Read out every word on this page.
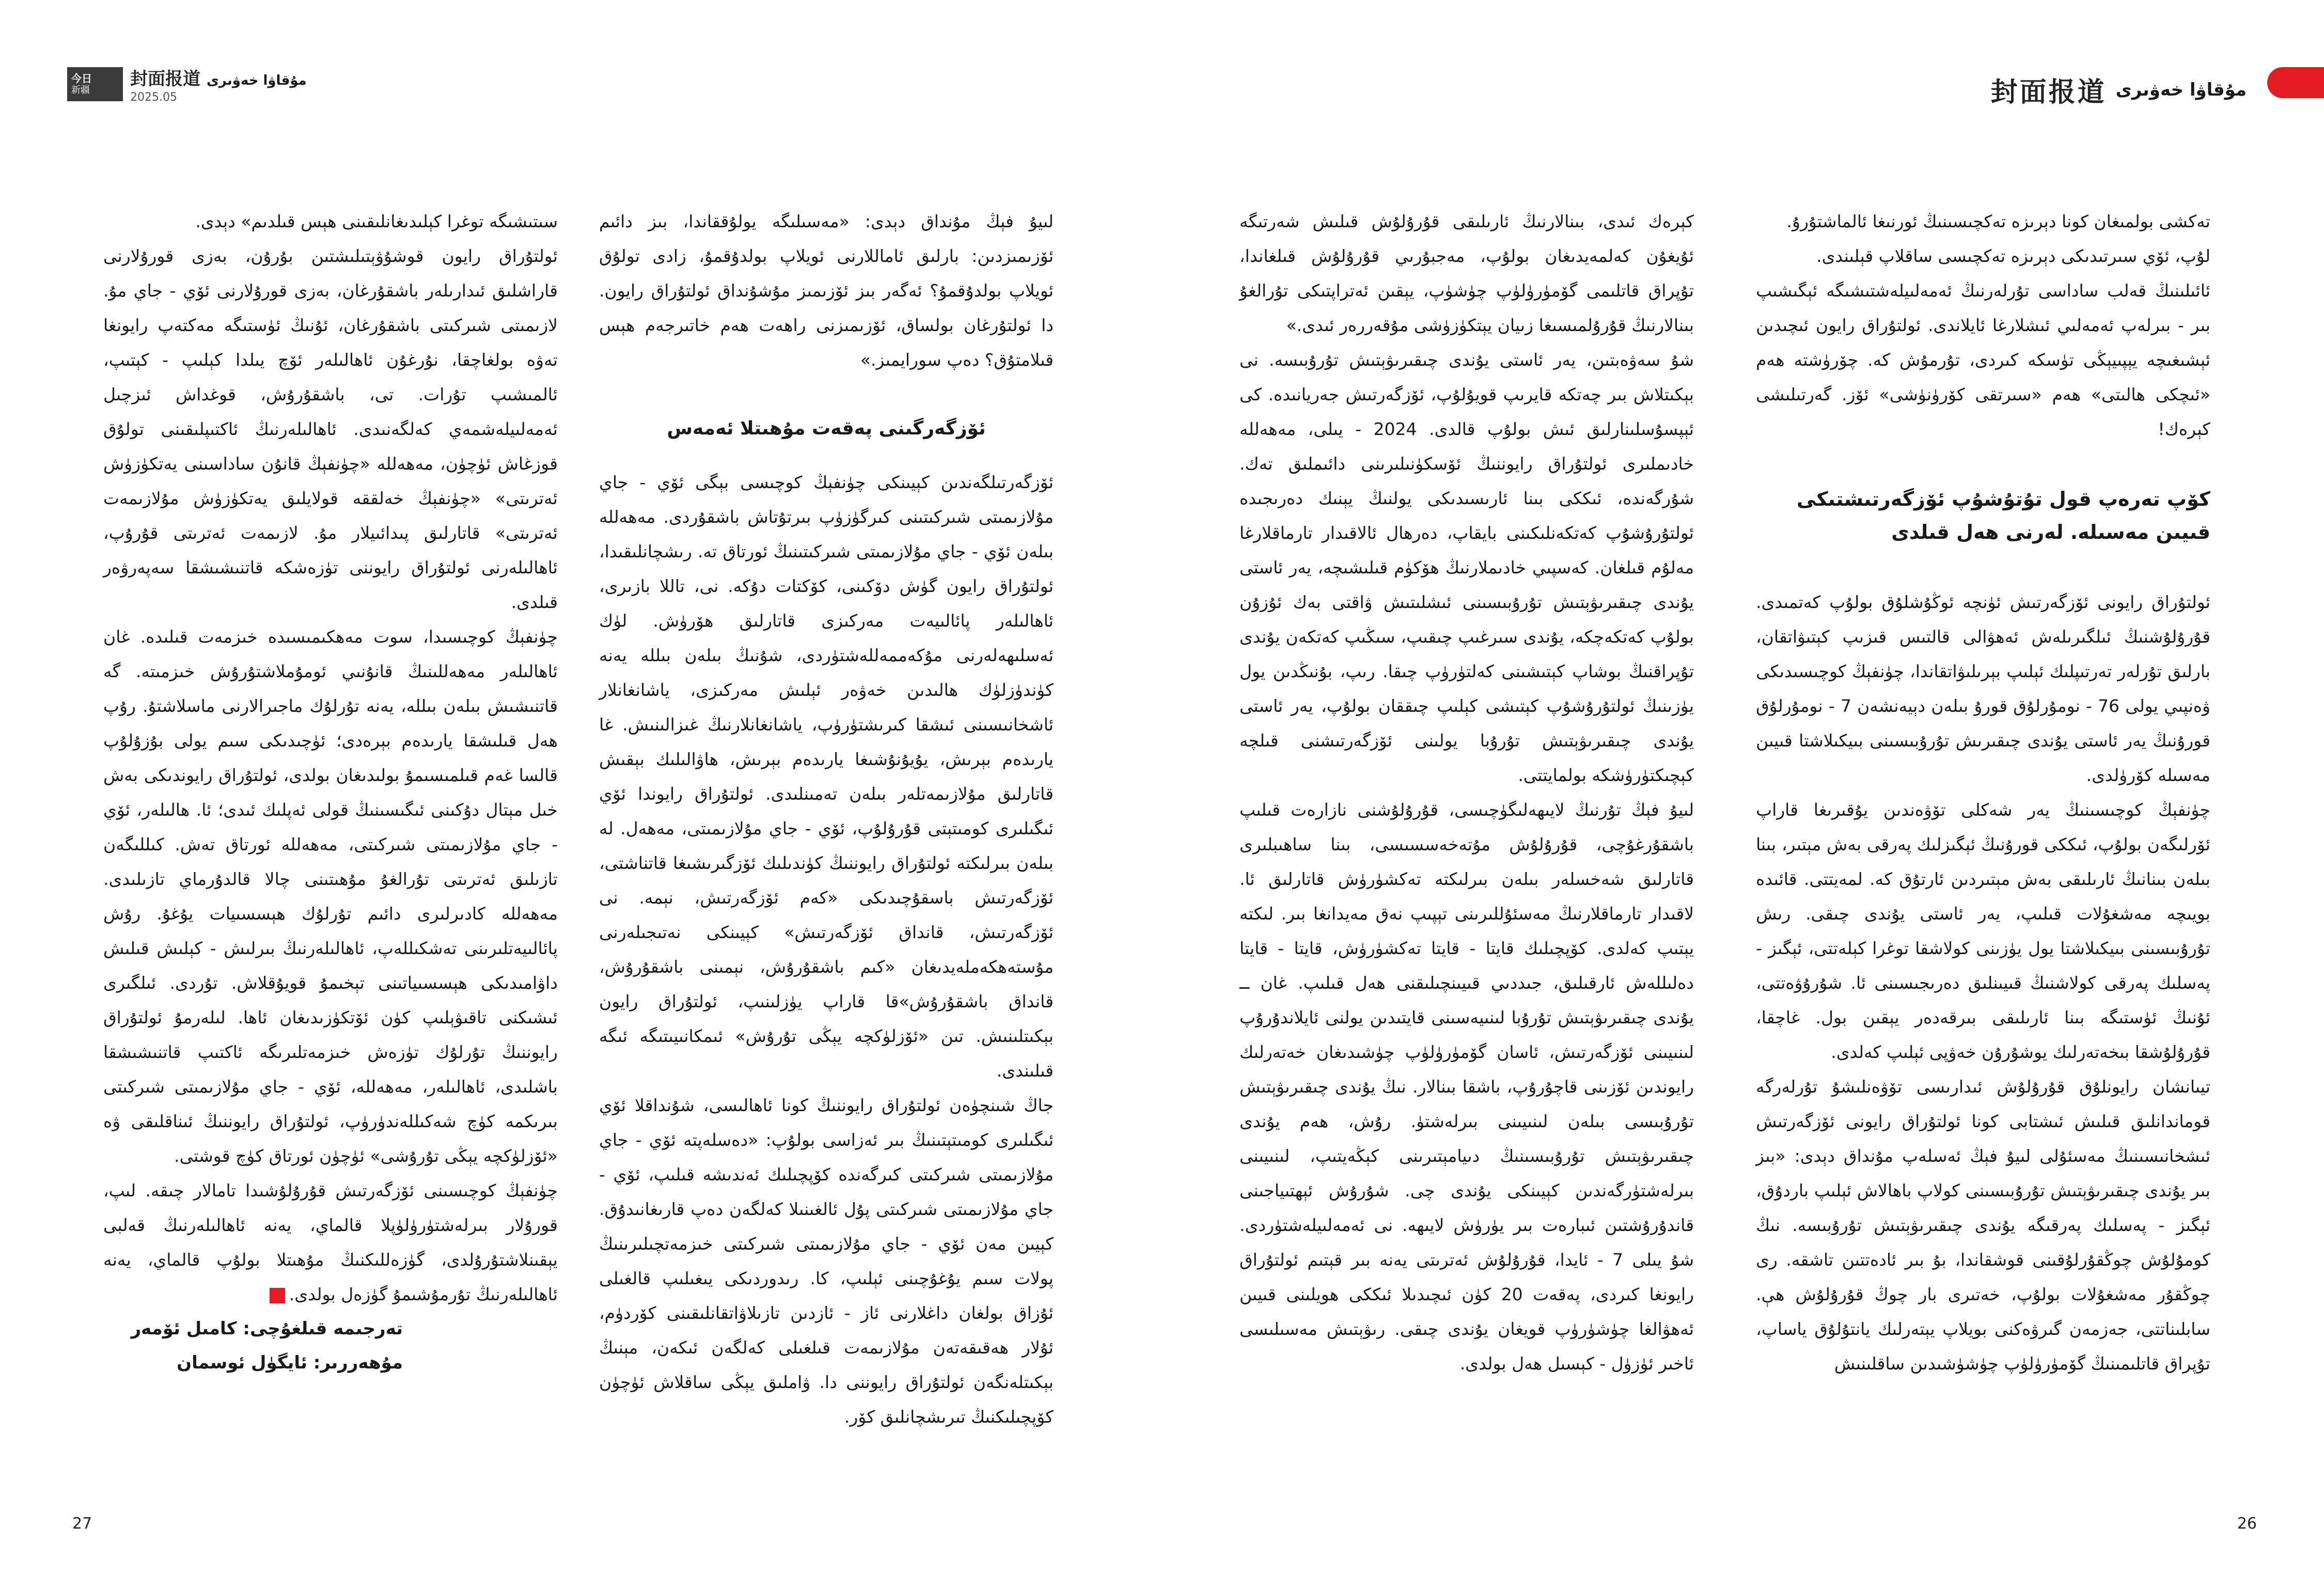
今日
新疆
封面报道 مۇقاۋا خەۋىرى
2025.05

لىيۇ فېڭ مۇنداق دېدى: «مەسىلىگە يولۇققاندا، بىز دائىم ئۆزىمىزدىن: بارلىق ئاماللارنى ئويلاپ بولدۇقمۇ، زادى تولۇق ئويلاپ بولدۇقمۇ؟ ئەگەر بىز ئۆزىمىز مۇشۇنداق ئولتۇراق رايون. دا ئولتۇرغان بولساق، ئۆزىمىزنى راھەت ھەم خاتىرجەم ھېس قىلامتۇق؟ دەپ سورايمىز.»

ئۆزگەرگىنى پەقەت مۇھىتلا ئەمەس

ئۆزگەرتىلگەندىن كېيىنكى چۈنفېڭ كوچىسى بېگى ئۆي - جاي مۇلازىمىتى شىركىتىنى كىرگۈزۈپ بىرتۇتاش باشقۇردى. مەھەللە بىلەن ئۆي - جاي مۇلازىمىتى شىركىتىنىڭ ئورتاق تە. رىشچانلىقىدا، ئولتۇراق رايون گۈش دۆكىنى، كۆكتات دۇكە. نى، تاللا بازىرى، ئاھالىلەر پائالىيەت مەركىزى قاتارلىق ھۆرۈش. لۈك ئەسلىھەلەرنى مۇكەممەللەشتۈردى، شۇنىڭ بىلەن بىللە يەنە كۈندۈزلۈك ھالىدىن خەۋەر ئېلىش مەركىزى، ياشانغانلار ئاشخانىسىنى ئىشقا كىرىشتۈرۈپ، ياشانغانلارنىڭ غىزالىنىش. غا يارىدەم بېرىش، يۇيۇنۇشىغا يارىدەم بېرىش، ھاۋالىلىك بېقىش قاتارلىق مۇلازىمەتلەر بىلەن تەمىنلىدى. ئولتۇراق رايوندا ئۆي ئىگىلىرى كومىتېتى قۇرۇلۇپ، ئۆي - جاي مۇلازىمىتى، مەھەل. لە بىلەن بىرلىكتە ئولتۇراق رايوننىڭ كۈندىلىك ئۆزگىرىشىغا قاتناشتى، ئۆزگەرتىش باسقۇچىدىكى «كەم ئۆزگەرتىش، نېمە. نى ئۆزگەرتىش، قانداق ئۆزگەرتىش» كېيىنكى نەتىجىلەرنى مۇستەھكەملەيدىغان «كىم باشقۇرۇش، نېمىنى باشقۇرۇش، قانداق باشقۇرۇش»قا قاراپ يۈزلىنىپ، ئولتۇراق رايون بېكىتلىنىش. تىن «ئۆزلۈكچە يېڭى تۇرۇش» ئىمكانىيىتىگە ئىگە قىلىندى.

جاڭ شىنچۈەن ئولتۇراق رايوننىڭ كونا ئاھالىسى، شۇنداقلا ئۆي ئىگىلىرى كومىتېتىنىڭ بىر ئەزاسى بولۇپ: «دەسلەپتە ئۆي - جاي مۇلازىمىتى شىركىتى كىرگەندە كۆپچىلىك ئەندىشە قىلىپ، ئۆي - جاي مۇلازىمىتى شىركىتى پۇل ئالغىنىلا كەلگەن دەپ قارىغانىدۇق. كېيىن مەن ئۆي - جاي مۇلازىمىتى شىركىتى خىزمەتچىلىرىنىڭ پولات سىم يۇغۇچىنى ئېلىپ، كا. رىدوردىكى يىغىلىپ قالغىلى ئۇزاق بولغان داغلارنى ئاز - ئازدىن تازىلاۋاتقانلىقىنى كۆردۈم، ئۇلار ھەقىقەتەن مۇلازىمەت قىلغىلى كەلگەن ئىكەن، مېنىڭ بېكىتلەنگەن ئولتۇراق رايوننى دا. ۋاملىق يېڭى ساقلاش ئۈچۈن كۆپچىلىكنىڭ تىرىشچانلىق كۆر.

سىتىشىگە توغرا كېلىدىغانلىقىنى ھېس قىلدىم» دېدى.

ئولتۇراق رايون قوشۇۋېتىلىشتىن بۇرۇن، بەزى قورۇلارنى قاراشلىق ئىدارىلەر باشقۇرغان، بەزى قورۇلارنى ئۆي - جاي مۇ. لازىمىتى شىركىتى باشقۇرغان، ئۇنىڭ ئۈستىگە مەكتەپ رايونغا تەۋە بولغاچقا، نۇرغۇن ئاھالىلەر ئۆچ يىلدا كېلىپ - كېتىپ، ئالمىشىپ تۇرات. تى، باشقۇرۇش، قوغداش ئىزچىل ئەمەلىيلەشمەي كەلگەنىدى. ئاھالىلەرنىڭ ئاكتىپلىقىنى تولۇق قوزغاش ئۈچۈن، مەھەللە «چۈنفېڭ قانۇن ساداسىنى يەتكۈزۈش ئەترىتى» «چۈنفېڭ خەلققە قولايلىق يەتكۈزۈش مۇلازىمەت ئەترىتى» قاتارلىق پىدائىيلار مۇ. لازىمەت ئەترىتى قۇرۇپ، ئاھالىلەرنى ئولتۇراق رايوننى تۈزەشكە قاتنىشىشقا سەپەرۋەر قىلدى.

چۈنفېڭ كوچىسىدا، سوت مەھكىمىسىدە خىزمەت قىلىدە. غان ئاھالىلەر مەھەللىنىڭ قانۇنىي ئومۇملاشتۇرۇش خىزمىتە. گە قاتنىشىش بىلەن بىللە، يەنە تۇرلۇك ماجىرالارنى ماسلاشتۇ. رۇپ ھەل قىلىشقا يارىدەم بېرەدى؛ ئۈچىدىكى سىم يولى بۇزۇلۇپ قالسا غەم قىلمىسىمۇ بولىدىغان بولدى، ئولتۇراق رايوندىكى بەش خىل مېتال دۇكىنى ئىگىسىنىڭ قولى ئەپلىك ئىدى؛ ئا. ھالىلەر، ئۆي - جاي مۇلازىمىتى شىركىتى، مەھەللە ئورتاق تەش. كىللىگەن تازىلىق ئەترىتى تۇرالغۇ مۇھىتىنى چالا قالدۇرماي تازىلىدى. مەھەللە كادىرلىرى دائىم تۇرلۇك ھېسسىيات يۇغۇ. رۇش پائالىيەتلىرىنى تەشكىللەپ، ئاھالىلەرنىڭ بىرلىش - كېلىش قىلىش داۋامىدىكى ھېسسىياتىنى تېخىمۇ قويۇقلاش. تۇردى. ئىلگىرى ئىشىكنى تاقىۋېلىپ كۈن ئۆتكۈزىدىغان ئاھا. لىلەرمۇ ئولتۇراق رايوننىڭ تۇرلۇك تۈزەش خىزمەتلىرىگە ئاكتىپ قاتنىشىشقا باشلىدى، ئاھالىلەر، مەھەللە، ئۆي - جاي مۇلازىمىتى شىركىتى بىرىكمە كۈچ شەكىللەندۈرۈپ، ئولتۇراق رايوننىڭ ئىناقلىقى ۋە «ئۆزلۈكچە يېڭى تۇرۇشى» ئۈچۈن ئورتاق كۈچ قوشتى.

چۈنفېڭ كوچىسىنى ئۆزگەرتىش قۇرۇلۇشىدا تامالار چىقە. لىپ، قورۇلار بىرلەشتۈرۈلۈپلا قالماي، يەنە ئاھالىلەرنىڭ قەلبى يېقىنلاشتۇرۇلدى، گۈزەللىكنىڭ مۇھىتلا بولۇپ قالماي، يەنە ئاھالىلەرنىڭ تۇرمۇشىمۇ گۈزەل بولدى.

تەرجىمە قىلغۇچى: كامىل ئۆمەر
مۇھەررىر: ئايگۈل ئوسمان
27
封面报道 مۇقاۋا خەۋىرى

تەكشى بولمىغان كونا دېرىزە تەكچىسىنىڭ ئورنىغا ئالماشتۇرۇ.

لۇپ، ئۆي سىرتىدىكى دېرىزە تەكچىسى ساقلاپ قېلىندى.

ئائىلىنىڭ قەلب ساداسى تۇرلەرنىڭ ئەمەلىيلەشتىشىگە ئېگىشىپ بىر - بىرلەپ ئەمەلىي ئىشلارغا ئايلاندى. ئولتۇراق رايون ئىچىدىن ئېشىغىچە يېپىيېڭى تۈسكە كىردى، تۇرمۇش كە. چۆرۈشتە ھەم «ئىچكى ھالىتى» ھەم «سىرتقى كۆرۈنۈشى» ئۆز. گەرتىلىشى كېرەك!

كۆپ تەرەپ قول تۇتۇشۇپ ئۆزگەرتىشتىكى قىيىن مەسىلە. لەرنى ھەل قىلدى

ئولتۇراق رايونى ئۆزگەرتىش ئۈنچە ئوڭۇشلۇق بولۇپ كەتمىدى. قۇرۇلۇشنىڭ ئىلگىرىلەش ئەھۋالى قالتىس قىزىپ كېتىۋاتقان، بارلىق تۇرلەر تەرتىپلىك ئېلىپ بېرىلىۋاتقاندا، چۈنفېڭ كوچىسىدىكى ۋەنپىي يولى 76 - نومۇرلۇق قورۇ بىلەن دېيەنشەن 7 - نومۇرلۇق قورۇنىڭ يەر ئاستى يۇندى چىقىرىش تۇرۇبىسىنى بىيكىلاشتا قىيىن مەسىلە كۆرۈلدى.

چۈنفېڭ كوچىسىنىڭ يەر شەكلى تۆۋەندىن يۇقىرىغا قاراپ ئۆرلىگەن بولۇپ، ئىككى قورۇنىڭ ئېگىزلىك پەرقى بەش مېتىر، بىنا بىلەن بىنانىڭ ئارىلىقى بەش مېتىردىن ئارتۇق كە. لمەيتتى. قائىدە بويىچە مەشغۇلات قىلىپ، يەر ئاستى يۇندى چىقى. رىش تۇرۇبىسىنى بىيكىلاشتا يول يۈزىنى كولاشقا توغرا كېلەتتى، ئېگىز - پەسلىك پەرقى كولاشنىڭ قىيىنلىق دەرىجىسىنى ئا. شۇرۇۋەتتى، ئۇنىڭ ئۈستىگە بىنا ئارىلىقى بىرقەدەر يېقىن بول. غاچقا، قۇرۇلۇشقا بىخەتەرلىك يوشۇرۇن خەۋپى ئېلىپ كەلدى.

تيىانشان رايونلۇق قۇرۇلۇش ئىدارىسى تۆۋەنلىشۇ تۇرلەرگە قوماندانلىق قىلىش ئىشتابى كونا ئولتۇراق رايونى ئۆزگەرتىش ئىشخانىسىنىڭ مەسئۇلى لىيۇ فېڭ ئەسلەپ مۇنداق دېدى: «بىز بىر يۇندى چىقىرىۋېتىش تۇرۇبىسىنى كولاپ باھالاش ئېلىپ باردۇق، ئېگىز - پەسلىك پەرقىگە يۇندى چىقىرىۋېتىش تۇرۇبىسە. نىڭ كومۇلۇش چوڭقۇرلۇقىنى قوشقاندا، بۇ بىر ئادەتتىن تاشقە. رى چوڭقۇر مەشغۇلات بولۇپ، خەتىرى بار چوڭ قۇرۇلۇش ھې. سابلىناتتى، جەزمەن گىرۋەكنى بويلاپ يېتەرلىك يانتۇلۇق ياساپ، تۇپراق قاتلىمىنىڭ گۆمۈرۈلۈپ چۈشۈشىدىن ساقلىنىش

كېرەك ئىدى، بىنالارنىڭ ئارىلىقى قۇرۇلۇش قىلىش شەرتىگە ئۇيغۇن كەلمەيدىغان بولۇپ، مەجبۇرىي قۇرۇلۇش قىلغاندا، تۇپراق قاتلىمى گۆمۈرۈلۈپ چۈشۈپ، يېقىن ئەتراپتىكى تۇرالغۇ بىنالارنىڭ قۇرۇلمىسىغا زىيان يېتكۈزۈشى مۇقەررەر ئىدى.»

شۇ سەۋەبتىن، يەر ئاستى يۇندى چىقىرىۋېتىش تۇرۇبىسە. نى بېكىتلاش بىر چەتكە قايرىپ قويۇلۇپ، ئۆزگەرتىش جەريانىدە. كى ئېپسۇسلىنارلىق ئىش بولۇپ قالدى. 2024 - يىلى، مەھەللە خادىملىرى ئولتۇراق رايوننىڭ ئۆسكۈنىلىرىنى دائىملىق تەك. شۇرگەندە، ئىككى بىنا ئارىسىدىكى يولنىڭ يېنىك دەرىجىدە ئولتۇرۇشۇپ كەتكەنلىكىنى بايقاپ، دەرھال ئالاقىدار تارماقلارغا مەلۇم قىلغان. كەسپىي خادىملارنىڭ ھۆكۈم قىلىشىچە، يەر ئاستى يۇندى چىقىرىۋېتىش تۇرۇبىسىنى ئىشلىتىش ۋاقتى بەك ئۇزۇن بولۇپ كەتكەچكە، يۇندى سىرغىپ چىقىپ، سىڭىپ كەتكەن يۇندى تۇپراقنىڭ بوشاپ كېتىشىنى كەلتۈرۈپ چىقا. رىپ، بۇنىڭدىن يول يۈزىنىڭ ئولتۇرۇشۇپ كېتىشى كېلىپ چىققان بولۇپ، يەر ئاستى يۇندى چىقىرىۋېتىش تۇرۇبا يولىنى ئۆزگەرتىشنى قىلچە كېچىكتۈرۈشكە بولمايتتى.

لىيۇ فېڭ تۇرنىڭ لايىھەلىگۈچىسى، قۇرۇلۇشنى نازارەت قىلىپ باشقۇرغۇچى، قۇرۇلۇش مۇتەخەسسىسى، بىنا ساھىبلىرى قاتارلىق شەخسلەر بىلەن بىرلىكتە تەكشۈرۈش قاتارلىق ئا. لاقىدار تارماقلارنىڭ مەسئۇللىرىنى تېپىپ نەق مەيدانغا بىر. لىكتە يېتىپ كەلدى. كۆپچىلىك قايتا - قايتا تەكشۈرۈش، قايتا - قايتا دەلىللەش ئارقىلىق، جىددىي قىيىنچىلىقنى ھەل قىلىپ. غان ــ يۇندى چىقىرىۋېتىش تۇرۇبا لىنىيەسىنى قايتىدىن يولنى ئايلاندۇرۇپ لىنىيىنى ئۆزگەرتىش، ئاسان گۆمۈرۈلۈپ چۈشىدىغان خەتەرلىك رايوندىن ئۆزىنى قاچۇرۇپ، باشقا بىنالار. نىڭ يۇندى چىقىرىۋېتىش تۇرۇبىسى بىلەن لىنىيىنى بىرلەشتۈ. رۇش، ھەم يۇندى چىقىرىۋېتىش تۇرۇبىسىنىڭ دىيامېتىرىنى كېڭەيتىپ، لىنىيىنى بىرلەشتۈرگەندىن كېيىنكى يۇندى چى. شۇرۇش ئېھتىياجىنى قاندۇرۇشتىن ئىبارەت بىر يۈرۈش لايىھە. نى ئەمەلىيلەشتۈردى. شۇ يىلى 7 - ئايدا، قۇرۇلۇش ئەترىتى يەنە بىر قېتىم ئولتۇراق رايونغا كىردى، پەقەت 20 كۈن ئىچىدىلا ئىككى ھويلىنى قىيىن ئەھۋالغا چۈشۈرۈپ قويغان يۇندى چىقى. رىۋېتىش مەسىلىسى ئاخىر ئۈزۈل - كېسىل ھەل بولدى.

26
